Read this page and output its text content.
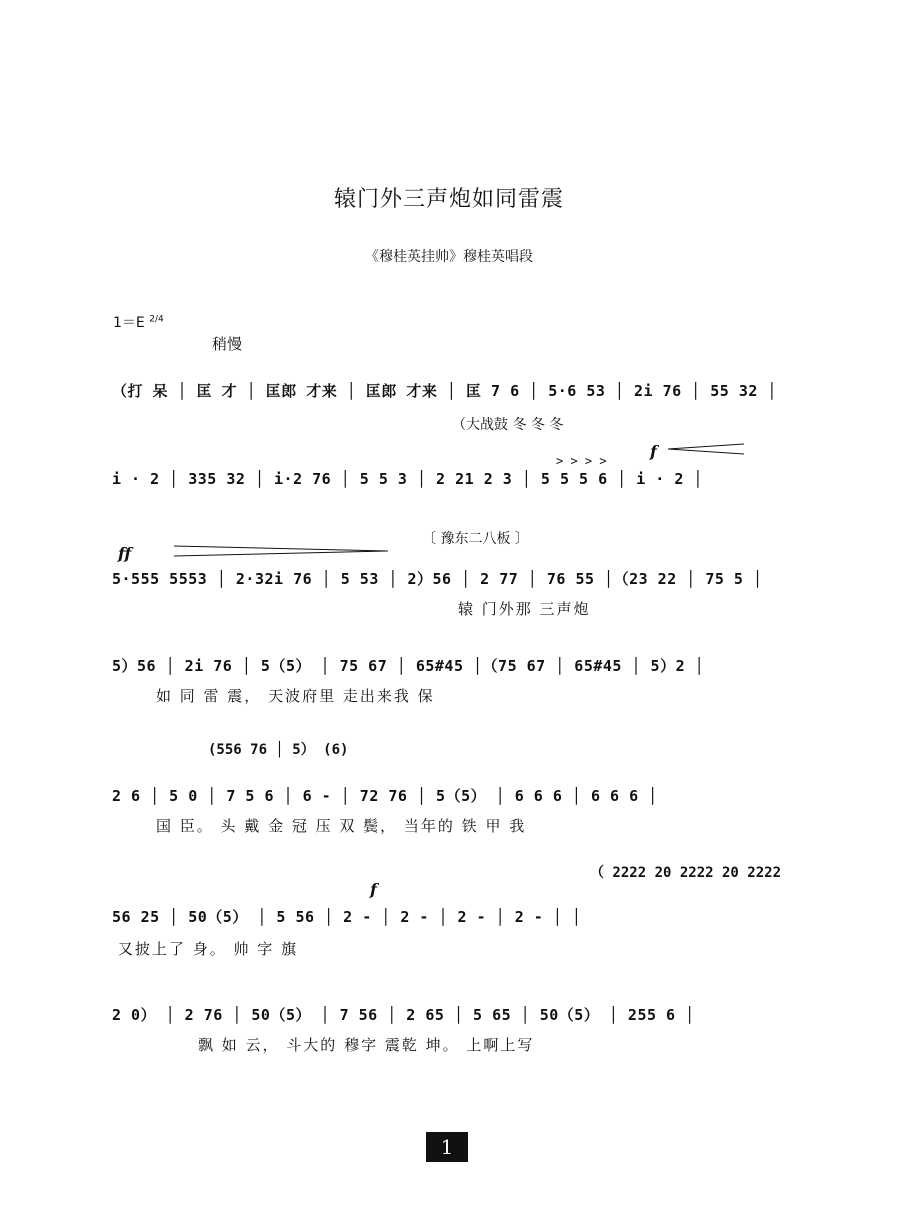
辕门外三声炮如同雷震
《穆桂英挂帅》穆桂英唱段
1＝E $^{2/4}$
稍慢
（打 呆 │ 匡 才 │ 匡郎 才来 │ 匡郎 才来 │ 匡 7 6 │ 5·6 53 │ 2i 76 │ 55 32 │
（大战鼓 冬 冬 冬
> > > >	f
i · 2 │ 335 32 │ i·2 76 │ 5 5 3 │ 2 21 2 3 │ 5 5 5 6 │ i · 2 │
〔 豫东二八板 〕
ff
5·555 5553 │ 2·32i 76 │ 5 53 │ 2）56 │ 2 77 │ 76 55 │（23 22 │ 75 5 │
辕 门外那 三声炮
5）56 │ 2i 76 │ 5（5） │ 75 67 │ 65#45 │（75 67 │ 65#45 │ 5）2 │
如 同 雷 震， 天波府里 走出来我 保
(556 76 │ 5） (6)
2 6 │ 5 0 │ 7 5 6 │ 6 - │ 72 76 │ 5（5） │ 6 6 6 │ 6 6 6 │
国 臣。 头 戴 金 冠 压 双 鬓， 当年的 铁 甲 我
（ 2222 20 2222 20 2222
f
56 25 │ 50（5） │ 5 56 │ 2 - │ 2 - │ 2 - │ 2 - │ │
又披上了 身。 帅 字 旗
2 0） │ 2 76 │ 50（5） │ 7 56 │ 2 65 │ 5 65 │ 50（5） │ 255 6 │
飘 如 云， 斗大的 穆字 震乾 坤。 上啊上写
1
